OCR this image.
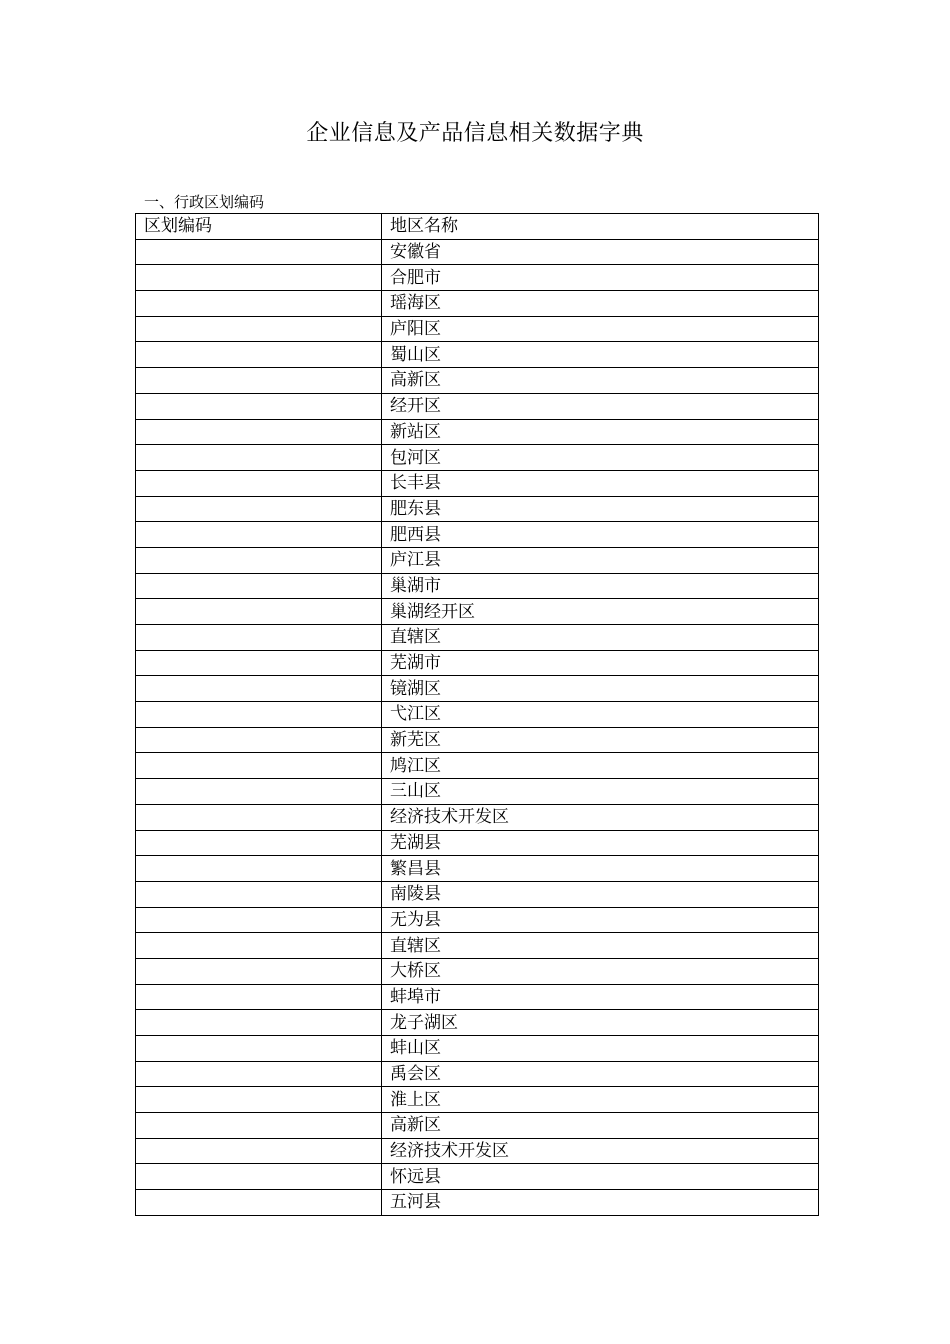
企业信息及产品信息相关数据字典
一、行政区划编码
区划编码	地区名称
	安徽省
	合肥市
	瑶海区
	庐阳区
	蜀山区
	高新区
	经开区
	新站区
	包河区
	长丰县
	肥东县
	肥西县
	庐江县
	巢湖市
	巢湖经开区
	直辖区
	芜湖市
	镜湖区
	弋江区
	新芜区
	鸠江区
	三山区
	经济技术开发区
	芜湖县
	繁昌县
	南陵县
	无为县
	直辖区
	大桥区
	蚌埠市
	龙子湖区
	蚌山区
	禹会区
	淮上区
	高新区
	经济技术开发区
	怀远县
	五河县
